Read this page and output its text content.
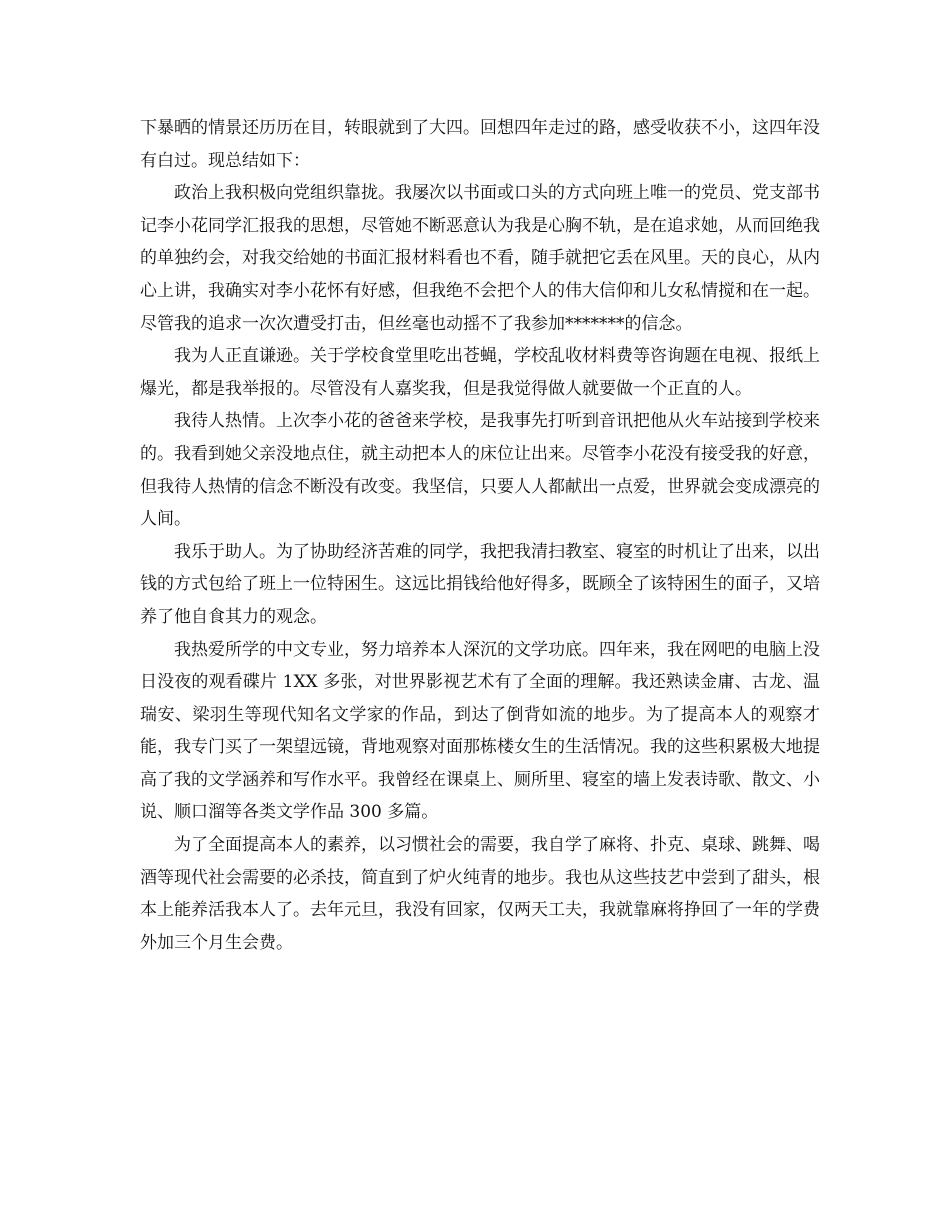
下暴晒的情景还历历在目，转眼就到了大四。回想四年走过的路，感受收获不小，这四年没有白过。现总结如下：

政治上我积极向党组织靠拢。我屡次以书面或口头的方式向班上唯一的党员、党支部书记李小花同学汇报我的思想，尽管她不断恶意认为我是心胸不轨，是在追求她，从而回绝我的单独约会，对我交给她的书面汇报材料看也不看，随手就把它丢在风里。天的良心，从内心上讲，我确实对李小花怀有好感，但我绝不会把个人的伟大信仰和儿女私情搅和在一起。尽管我的追求一次次遭受打击，但丝毫也动摇不了我参加*******的信念。

我为人正直谦逊。关于学校食堂里吃出苍蝇，学校乱收材料费等咨询题在电视、报纸上爆光，都是我举报的。尽管没有人嘉奖我，但是我觉得做人就要做一个正直的人。

我待人热情。上次李小花的爸爸来学校，是我事先打听到音讯把他从火车站接到学校来的。我看到她父亲没地点住，就主动把本人的床位让出来。尽管李小花没有接受我的好意，但我待人热情的信念不断没有改变。我坚信，只要人人都献出一点爱，世界就会变成漂亮的人间。

我乐于助人。为了协助经济苦难的同学，我把我清扫教室、寝室的时机让了出来，以出钱的方式包给了班上一位特困生。这远比捐钱给他好得多，既顾全了该特困生的面子，又培养了他自食其力的观念。

我热爱所学的中文专业，努力培养本人深沉的文学功底。四年来，我在网吧的电脑上没日没夜的观看碟片 1XX 多张，对世界影视艺术有了全面的理解。我还熟读金庸、古龙、温瑞安、梁羽生等现代知名文学家的作品，到达了倒背如流的地步。为了提高本人的观察才能，我专门买了一架望远镜，背地观察对面那栋楼女生的生活情况。我的这些积累极大地提高了我的文学涵养和写作水平。我曾经在课桌上、厕所里、寝室的墙上发表诗歌、散文、小说、顺口溜等各类文学作品 300 多篇。

为了全面提高本人的素养，以习惯社会的需要，我自学了麻将、扑克、桌球、跳舞、喝酒等现代社会需要的必杀技，简直到了炉火纯青的地步。我也从这些技艺中尝到了甜头，根本上能养活我本人了。去年元旦，我没有回家，仅两天工夫，我就靠麻将挣回了一年的学费外加三个月生会费。
